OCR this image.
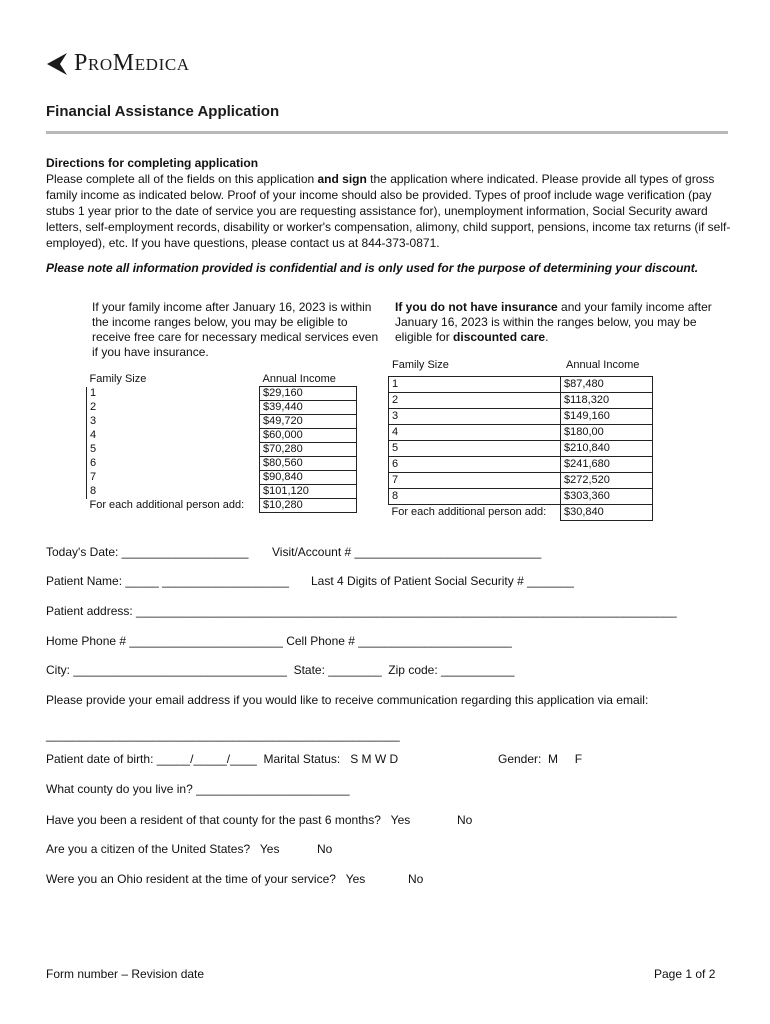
ProMedica
Financial Assistance Application
Directions for completing application
Please complete all of the fields on this application and sign the application where indicated. Please provide all types of gross family income as indicated below. Proof of your income should also be provided. Types of proof include wage verification (pay stubs 1 year prior to the date of service you are requesting assistance for), unemployment information, Social Security award letters, self-employment records, disability or worker's compensation, alimony, child support, pensions, income tax returns (if self-employed), etc. If you have questions, please contact us at 844-373-0871.
Please note all information provided is confidential and is only used for the purpose of determining your discount.
If your family income after January 16, 2023 is within the income ranges below, you may be eligible to receive free care for necessary medical services even if you have insurance.
Family Size	Annual Income
1	$29,160
2	$39,440
3	$49,720
4	$60,000
5	$70,280
6	$80,560
7	$90,840
8	$101,120
For each additional person add:	$10,280
If you do not have insurance and your family income after January 16, 2023 is within the ranges below, you may be eligible for discounted care.
Family Size	Annual Income
1	$87,480
2	$118,320
3	$149,160
4	$180,00
5	$210,840
6	$241,680
7	$272,520
8	$303,360
For each additional person add:	$30,840
Today's Date: ___________________ Visit/Account # ____________________________
Patient Name: _____ ___________________ Last 4 Digits of Patient Social Security # _______
Patient address: _________________________________________________________________________________
Home Phone # _______________________ Cell Phone # _______________________
City: ________________________________  State: ________  Zip code: ___________
Please provide your email address if you would like to receive communication regarding this application via email:
_____________________________________________________
Patient date of birth: _____/_____/____  Marital Status:   S M W D	Gender:  M     F
What county do you live in? _______________________
Have you been a resident of that county for the past 6 months?   Yes	No
Are you a citizen of the United States?   Yes	No
Were you an Ohio resident at the time of your service?   Yes	No
Form number – Revision date	Page 1 of 2
